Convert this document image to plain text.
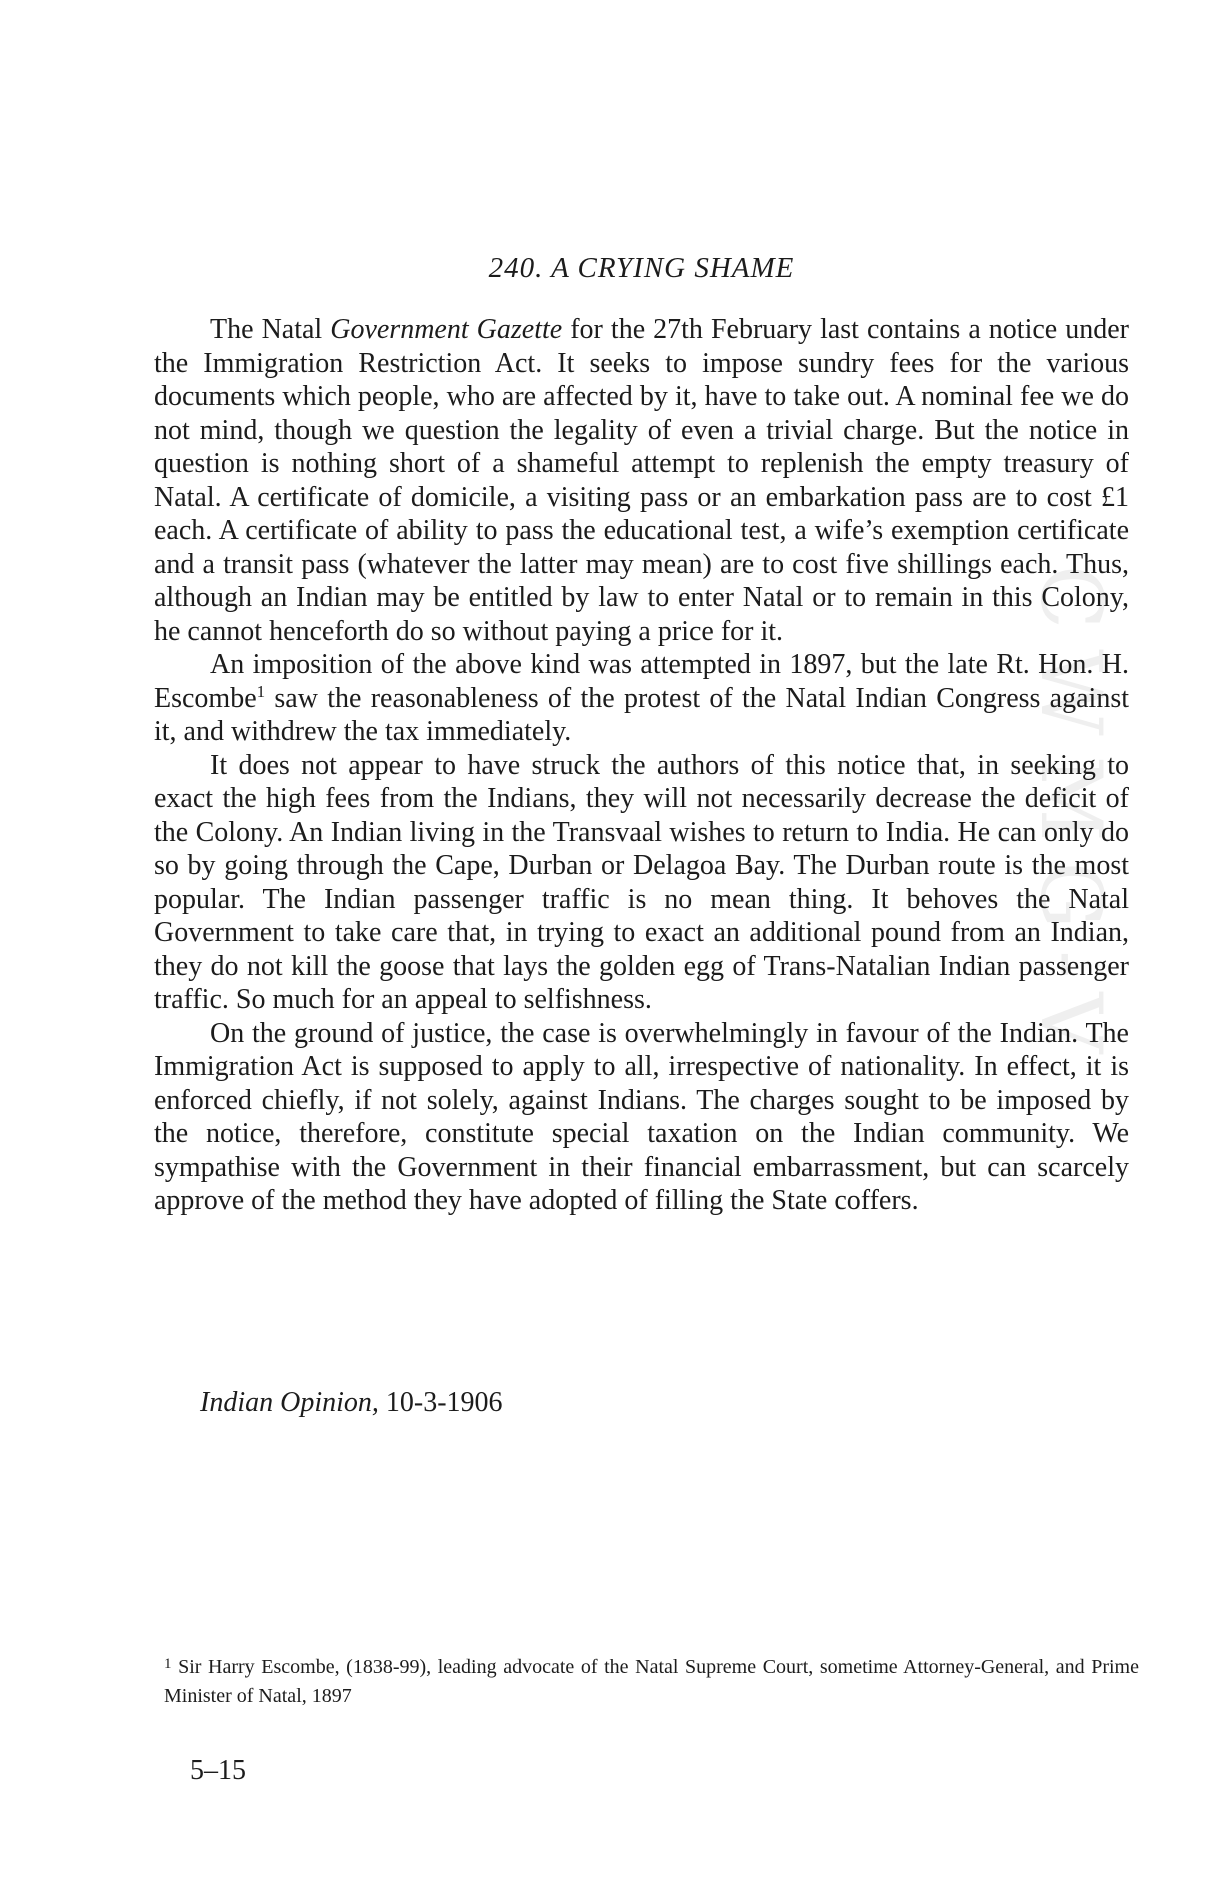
CWMG-V
240. A CRYING SHAME

The Natal Government Gazette for the 27th February last contains a notice under the Immigration Restriction Act. It seeks to impose sundry fees for the various documents which people, who are affected by it, have to take out. A nominal fee we do not mind, though we question the legality of even a trivial charge. But the notice in question is nothing short of a shameful attempt to replenish the empty treasury of Natal. A certificate of domicile, a visiting pass or an embarkation pass are to cost £1 each. A certificate of ability to pass the educational test, a wife’s exemption certificate and a transit pass (whatever the latter may mean) are to cost five shillings each. Thus, although an Indian may be entitled by law to enter Natal or to remain in this Colony, he cannot henceforth do so without paying a price for it.

An imposition of the above kind was attempted in 1897, but the late Rt. Hon. H. Escombe$^1$ saw the reasonableness of the protest of the Natal Indian Congress against it, and withdrew the tax immediately.

It does not appear to have struck the authors of this notice that, in seeking to exact the high fees from the Indians, they will not necessarily decrease the deficit of the Colony. An Indian living in the Transvaal wishes to return to India. He can only do so by going through the Cape, Durban or Delagoa Bay. The Durban route is the most popular. The Indian passenger traffic is no mean thing. It behoves the Natal Government to take care that, in trying to exact an additional pound from an Indian, they do not kill the goose that lays the golden egg of Trans-Natalian Indian passenger traffic. So much for an appeal to selfishness.

On the ground of justice, the case is overwhelmingly in favour of the Indian. The Immigration Act is supposed to apply to all, irrespective of nationality. In effect, it is enforced chiefly, if not solely, against Indians. The charges sought to be imposed by the notice, therefore, constitute special taxation on the Indian community. We sympathise with the Government in their financial embarrassment, but can scarcely approve of the method they have adopted of filling the State coffers.

Indian Opinion, 10-3-1906
$^1$ Sir Harry Escombe, (1838-99), leading advocate of the Natal Supreme Court, sometime Attorney-General, and Prime Minister of Natal, 1897
5–15
